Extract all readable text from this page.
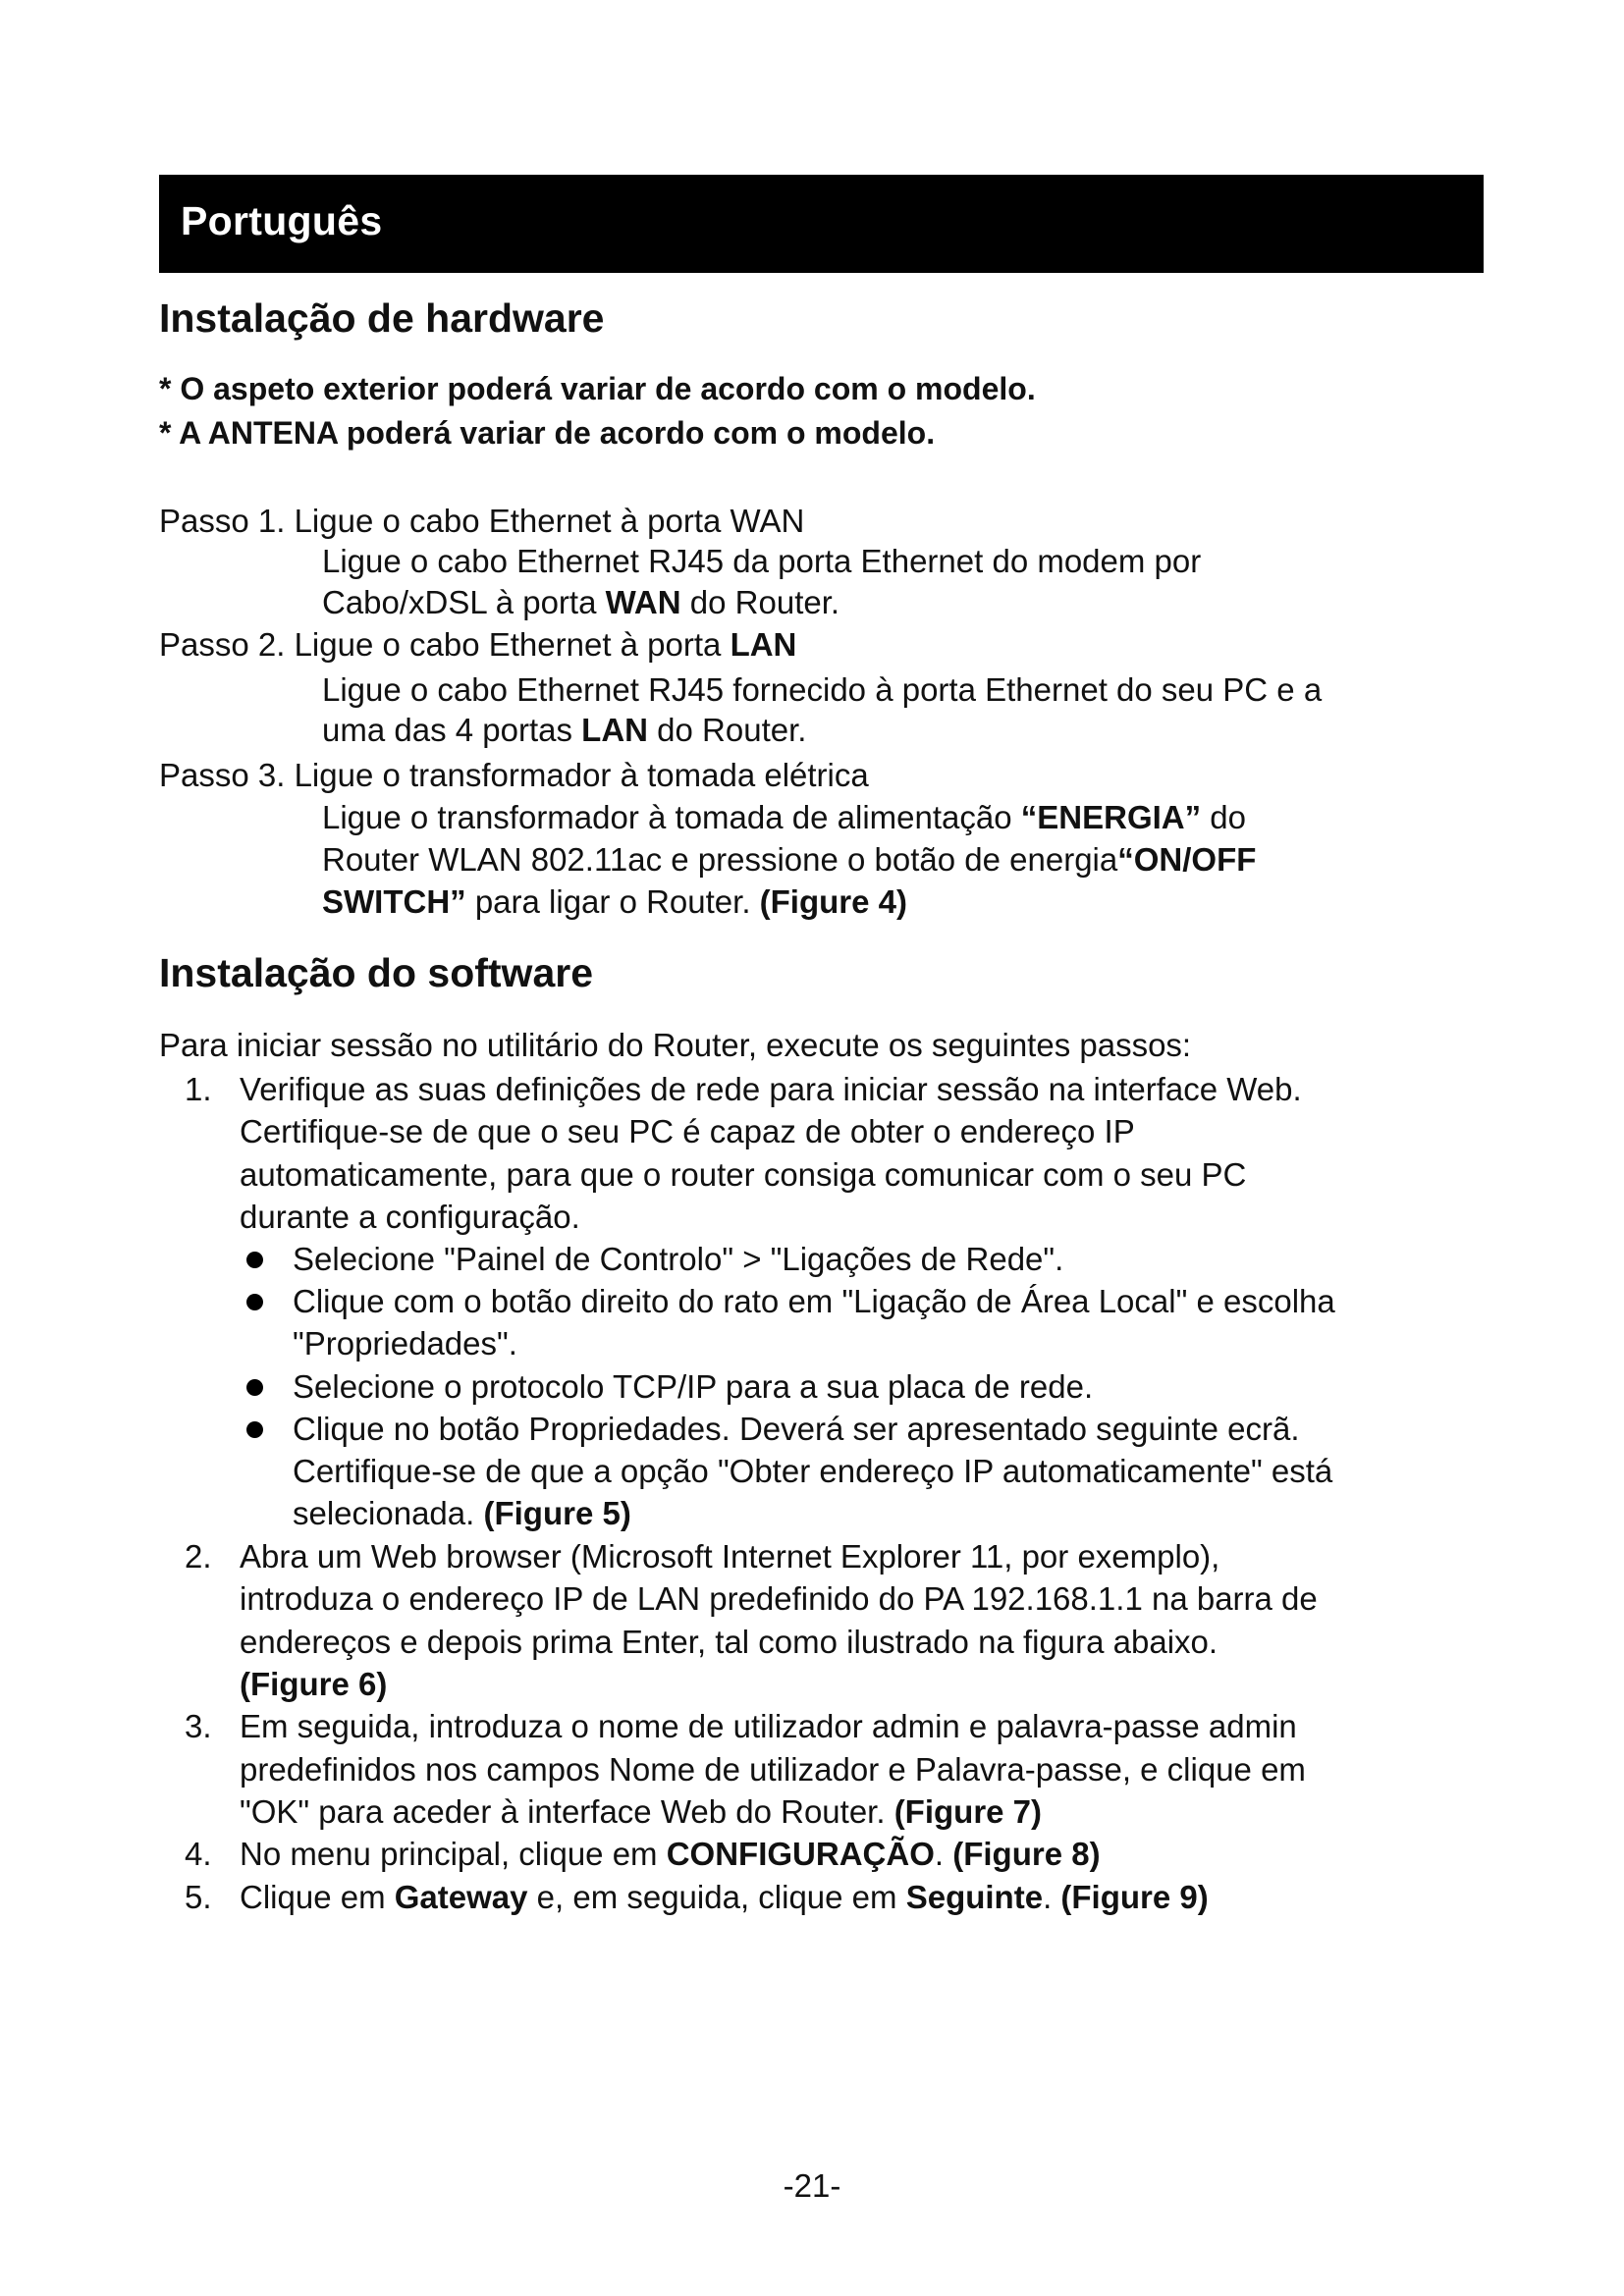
Português
Instalação de hardware
* O aspeto exterior poderá variar de acordo com o modelo.
* A ANTENA poderá variar de acordo com o modelo.
Passo 1. Ligue o cabo Ethernet à porta WAN
Ligue o cabo Ethernet RJ45 da porta Ethernet do modem por
Cabo/xDSL à porta WAN do Router.
Passo 2. Ligue o cabo Ethernet à porta LAN
Ligue o cabo Ethernet RJ45 fornecido à porta Ethernet do seu PC e a
uma das 4 portas LAN do Router.
Passo 3. Ligue o transformador à tomada elétrica
Ligue o transformador à tomada de alimentação “ENERGIA” do
Router WLAN 802.11ac e pressione o botão de energia“ON/OFF
SWITCH” para ligar o Router. (Figure 4)
Instalação do software
Para iniciar sessão no utilitário do Router, execute os seguintes passos:
1. Verifique as suas definições de rede para iniciar sessão na interface Web.
Certifique-se de que o seu PC é capaz de obter o endereço IP
automaticamente, para que o router consiga comunicar com o seu PC
durante a configuração.
Selecione "Painel de Controlo" > "Ligações de Rede".
Clique com o botão direito do rato em "Ligação de Área Local" e escolha
"Propriedades".
Selecione o protocolo TCP/IP para a sua placa de rede.
Clique no botão Propriedades. Deverá ser apresentado seguinte ecrã.
Certifique-se de que a opção "Obter endereço IP automaticamente" está
selecionada. (Figure 5)
2. Abra um Web browser (Microsoft Internet Explorer 11, por exemplo),
introduza o endereço IP de LAN predefinido do PA 192.168.1.1 na barra de
endereços e depois prima Enter, tal como ilustrado na figura abaixo.
(Figure 6)
3. Em seguida, introduza o nome de utilizador admin e palavra-passe admin
predefinidos nos campos Nome de utilizador e Palavra-passe, e clique em
"OK" para aceder à interface Web do Router. (Figure 7)
4. No menu principal, clique em CONFIGURAÇÃO. (Figure 8)
5. Clique em Gateway e, em seguida, clique em Seguinte. (Figure 9)
-21-
